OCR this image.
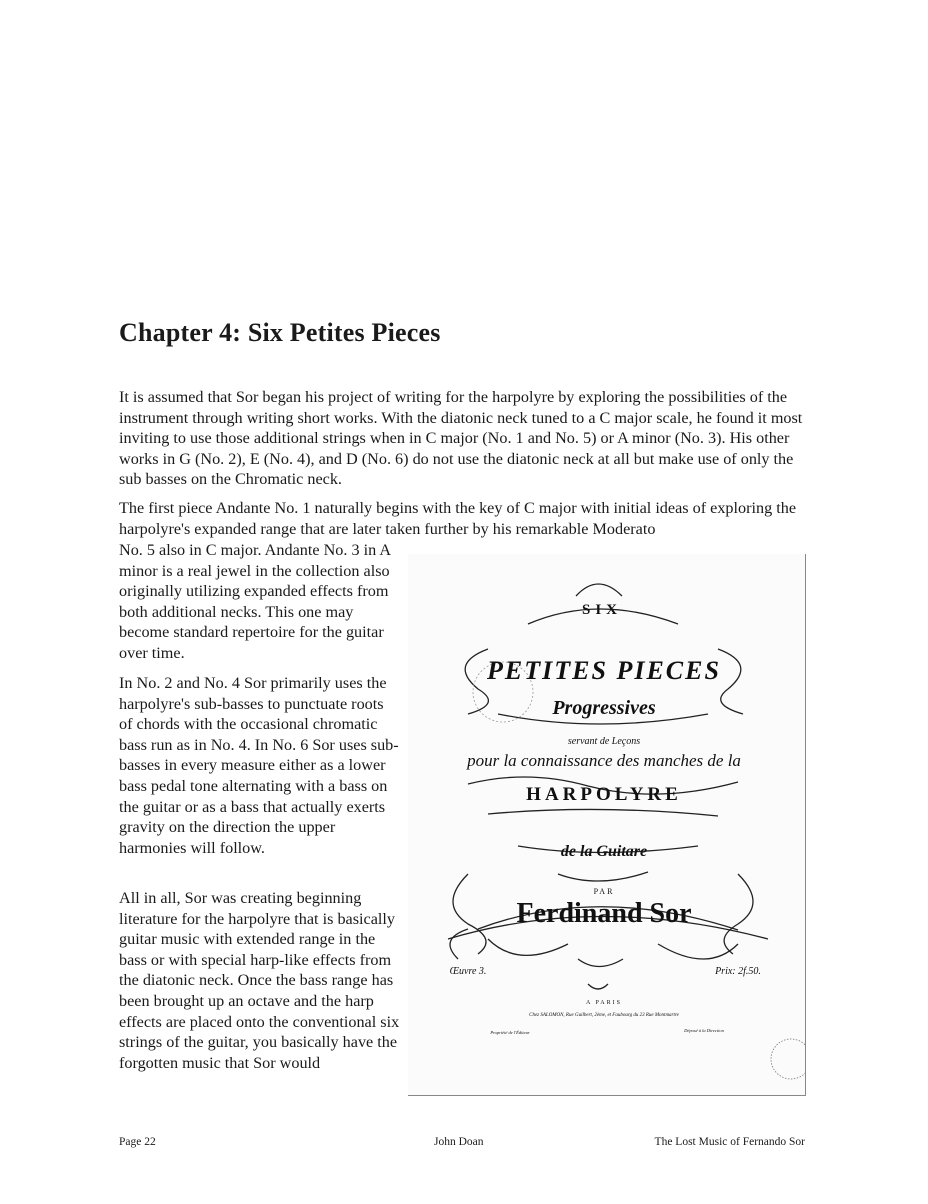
Chapter 4: Six Petites Pieces

It is assumed that Sor began his project of writing for the harpolyre by exploring the possibilities of the instrument through writing short works. With the diatonic neck tuned to a C major scale, he found it most inviting to use those additional strings when in C major (No. 1 and No. 5) or A minor (No. 3). His other works in G (No. 2), E (No. 4), and D (No. 6) do not use the diatonic neck at all but make use of only the sub basses on the Chromatic neck.

The first piece Andante No. 1 naturally begins with the key of C major with initial ideas of exploring the harpolyre's expanded range that are later taken further by his remarkable Moderato

No. 5 also in C major. Andante No. 3 in A minor is a real jewel in the collection also originally utilizing expanded effects from both additional necks. This one may become standard repertoire for the guitar over time.

In No. 2 and No. 4 Sor primarily uses the harpolyre's sub-basses to punctuate roots of chords with the occasional chromatic bass run as in No. 4. In No. 6 Sor uses sub-basses in every measure either as a lower bass pedal tone alternating with a bass on the guitar or as a bass that actually exerts gravity on the direction the upper harmonies will follow.

All in all, Sor was creating beginning literature for the harpolyre that is basically guitar music with extended range in the bass or with special harp-like effects from the diatonic neck. Once the bass range has been brought up an octave and the harp effects are placed onto the conventional six strings of the guitar, you basically have the forgotten music that Sor would

SIX
PETITES PIECES
Progressives
servant de Leçons
pour la connaissance des manches de la
HARPOLYRE
de la Guitare
PAR
Ferdinand Sor
Œuvre 3.	Prix: 2f.50.
A PARIS
Chez SALOMON, Rue Guilbert, 2ème, et Faubourg du 23 Rue Montmartre
Propriété de l'Éditeur	Déposé à la Direction
Page 22	John Doan	The Lost Music of Fernando Sor
